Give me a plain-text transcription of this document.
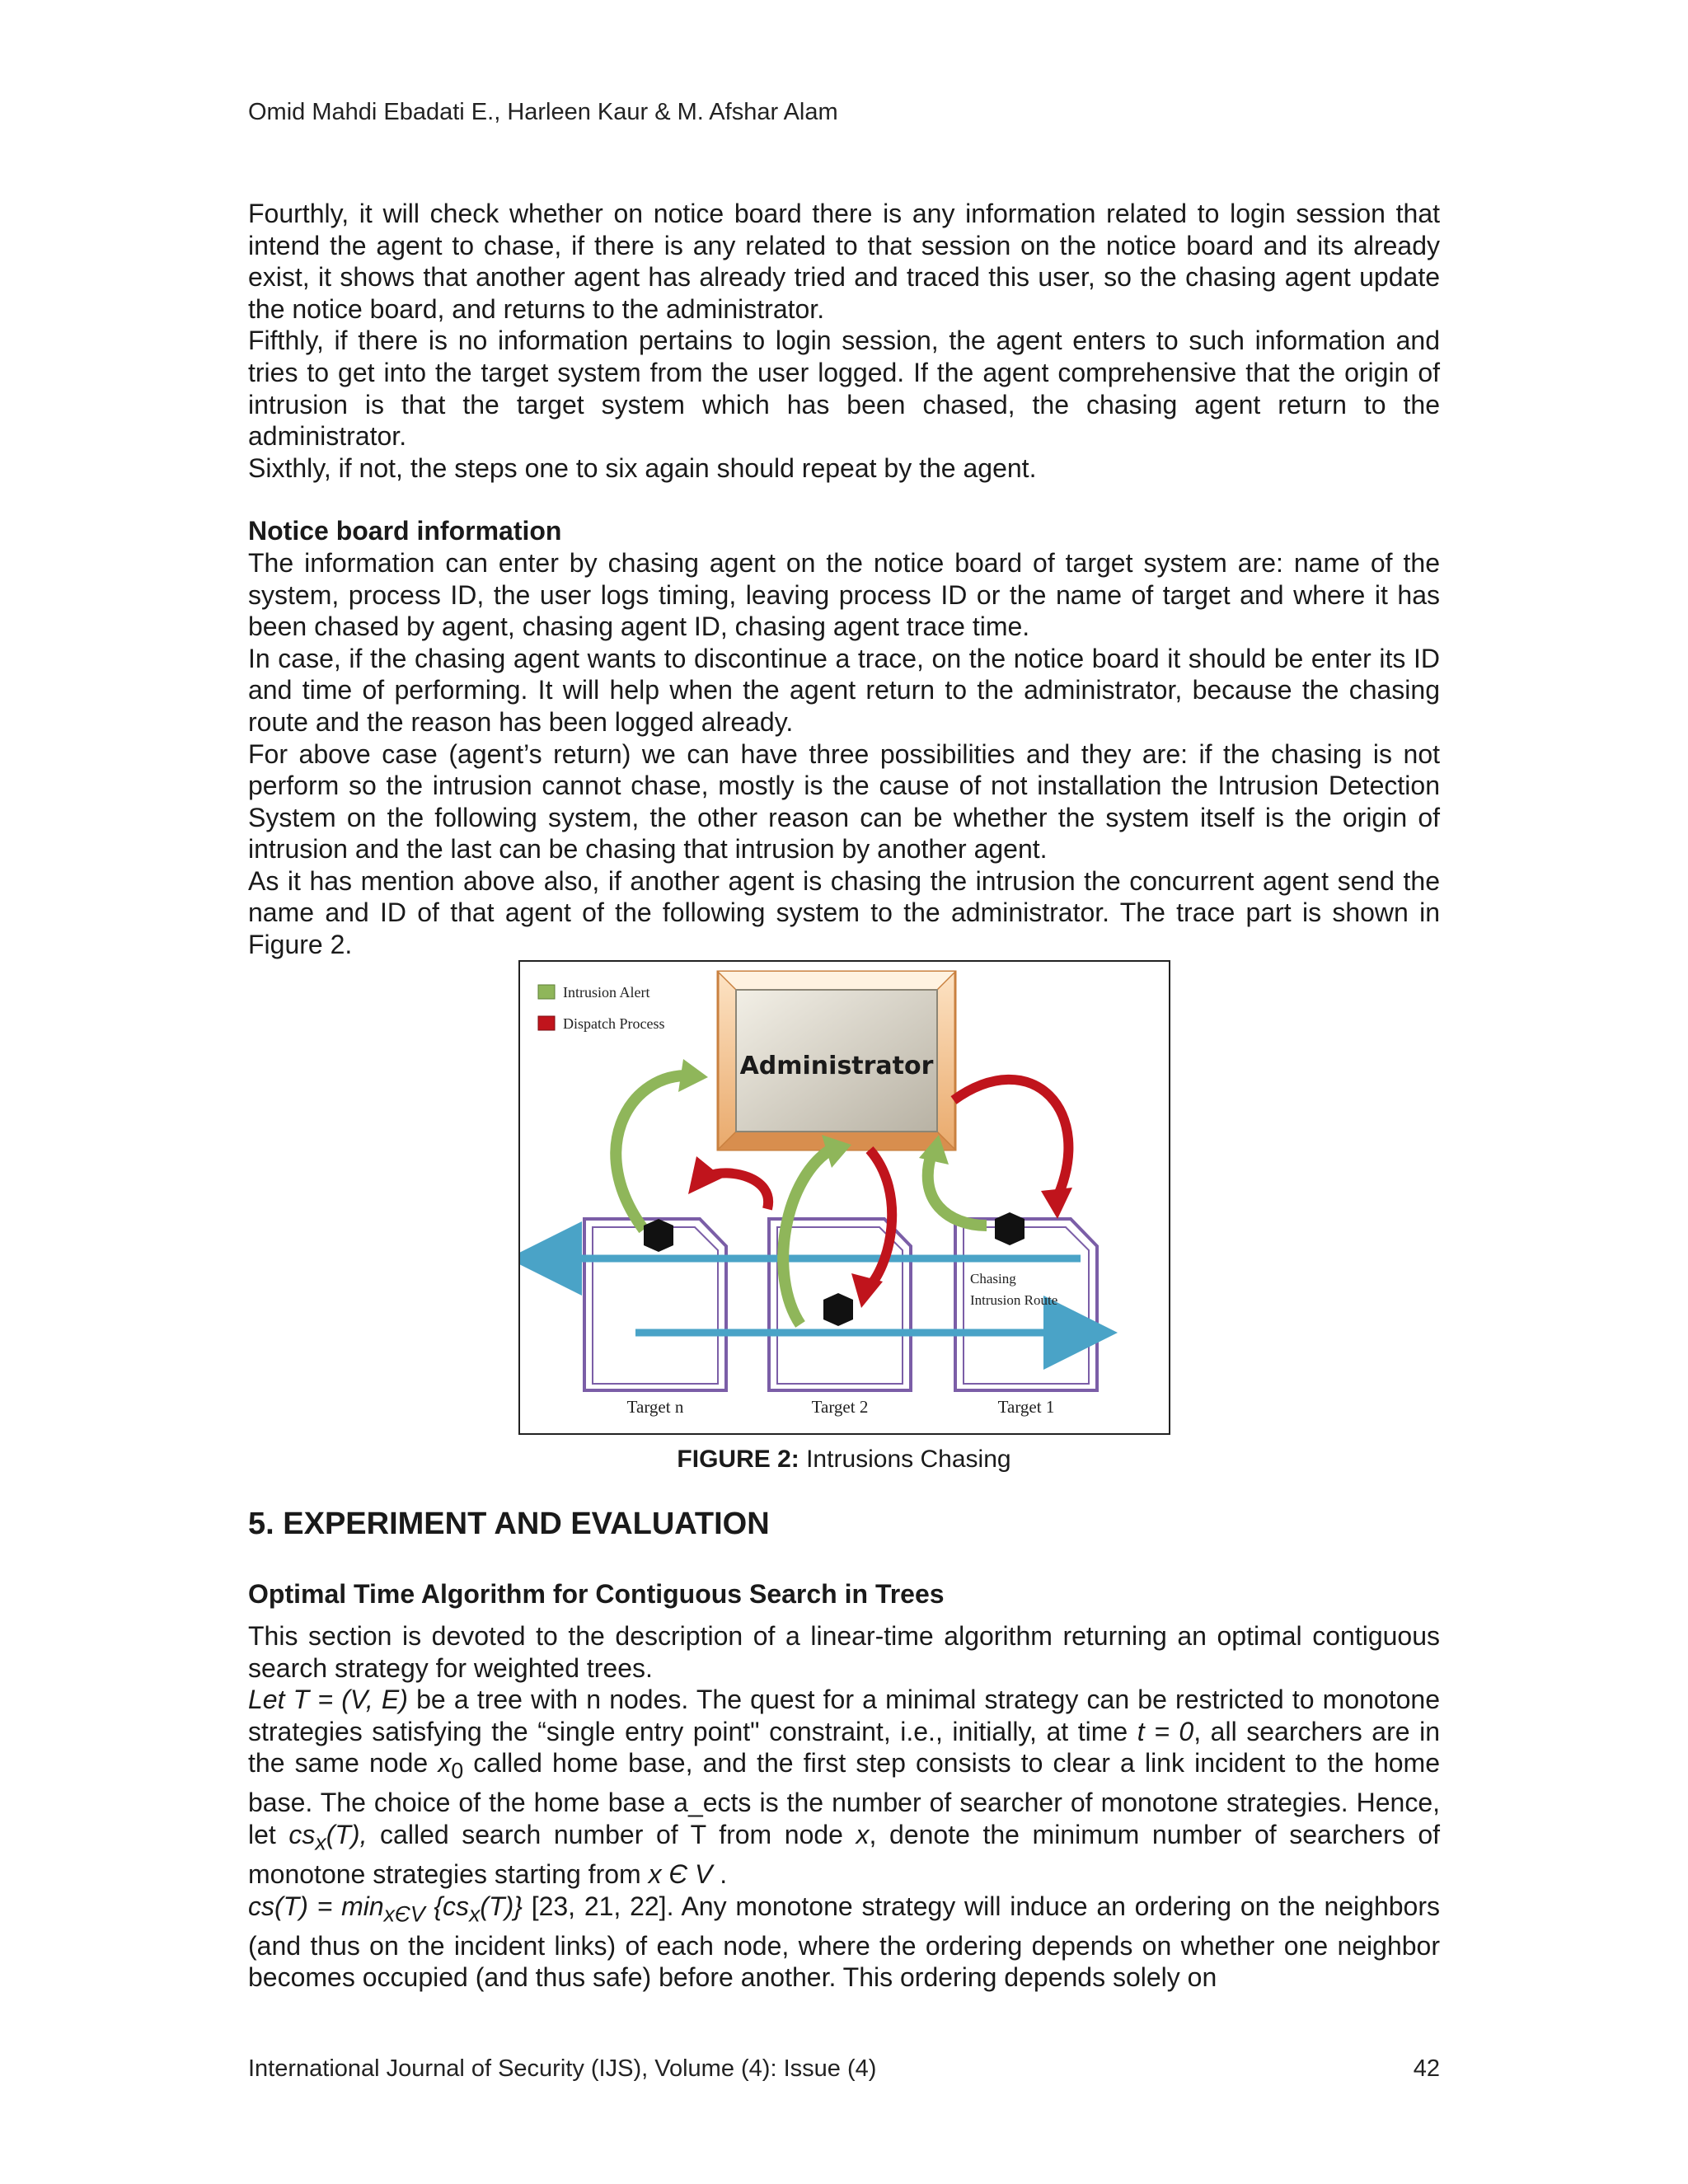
Omid Mahdi Ebadati E., Harleen Kaur & M. Afshar Alam

Fourthly, it will check whether on notice board there is any information related to login session that intend the agent to chase, if there is any related to that session on the notice board and its already exist, it shows that another agent has already tried and traced this user, so the chasing agent update the notice board, and returns to the administrator.

Fifthly, if there is no information pertains to login session, the agent enters to such information and tries to get into the target system from the user logged. If the agent comprehensive that the origin of intrusion is that the target system which has been chased, the chasing agent return to the administrator.

Sixthly, if not, the steps one to six again should repeat by the agent.

Notice board information

The information can enter by chasing agent on the notice board of target system are: name of the system, process ID, the user logs timing, leaving process ID or the name of target and where it has been chased by agent, chasing agent ID, chasing agent trace time.

In case, if the chasing agent wants to discontinue a trace, on the notice board it should be enter its ID and time of performing. It will help when the agent return to the administrator, because the chasing route and the reason has been logged already.

For above case (agent’s return) we can have three possibilities and they are: if the chasing is not perform so the intrusion cannot chase, mostly is the cause of not installation the Intrusion Detection System on the following system, the other reason can be whether the system itself is the origin of intrusion and the last can be chasing that intrusion by another agent.

As it has mention above also, if another agent is chasing the intrusion the concurrent agent send the name and ID of that agent of the following system to the administrator. The trace part is shown in Figure 2.

Intrusion Alert
Dispatch Process
Administrator
Chasing
Intrusion Route
Target n	Target 2	Target 1
FIGURE 2: Intrusions Chasing
5. EXPERIMENT AND EVALUATION
Optimal Time Algorithm for Contiguous Search in Trees

This section is devoted to the description of a linear-time algorithm returning an optimal contiguous search strategy for weighted trees.

Let T = (V, E) be a tree with n nodes. The quest for a minimal strategy can be restricted to monotone strategies satisfying the “single entry point" constraint, i.e., initially, at time t = 0, all searchers are in the same node $x_0$ called home base, and the first step consists to clear a link incident to the home base. The choice of the home base a_ects is the number of searcher of monotone strategies. Hence, let $cs_x(T)$, called search number of T from node x, denote the minimum number of searchers of monotone strategies starting from x Є V .

$cs(T) = \min_{xЄV} \{cs_x(T)\}$ [23, 21, 22]. Any monotone strategy will induce an ordering on the neighbors (and thus on the incident links) of each node, where the ordering depends on whether one neighbor becomes occupied (and thus safe) before another. This ordering depends solely on

International Journal of Security (IJS), Volume (4): Issue (4)	42
